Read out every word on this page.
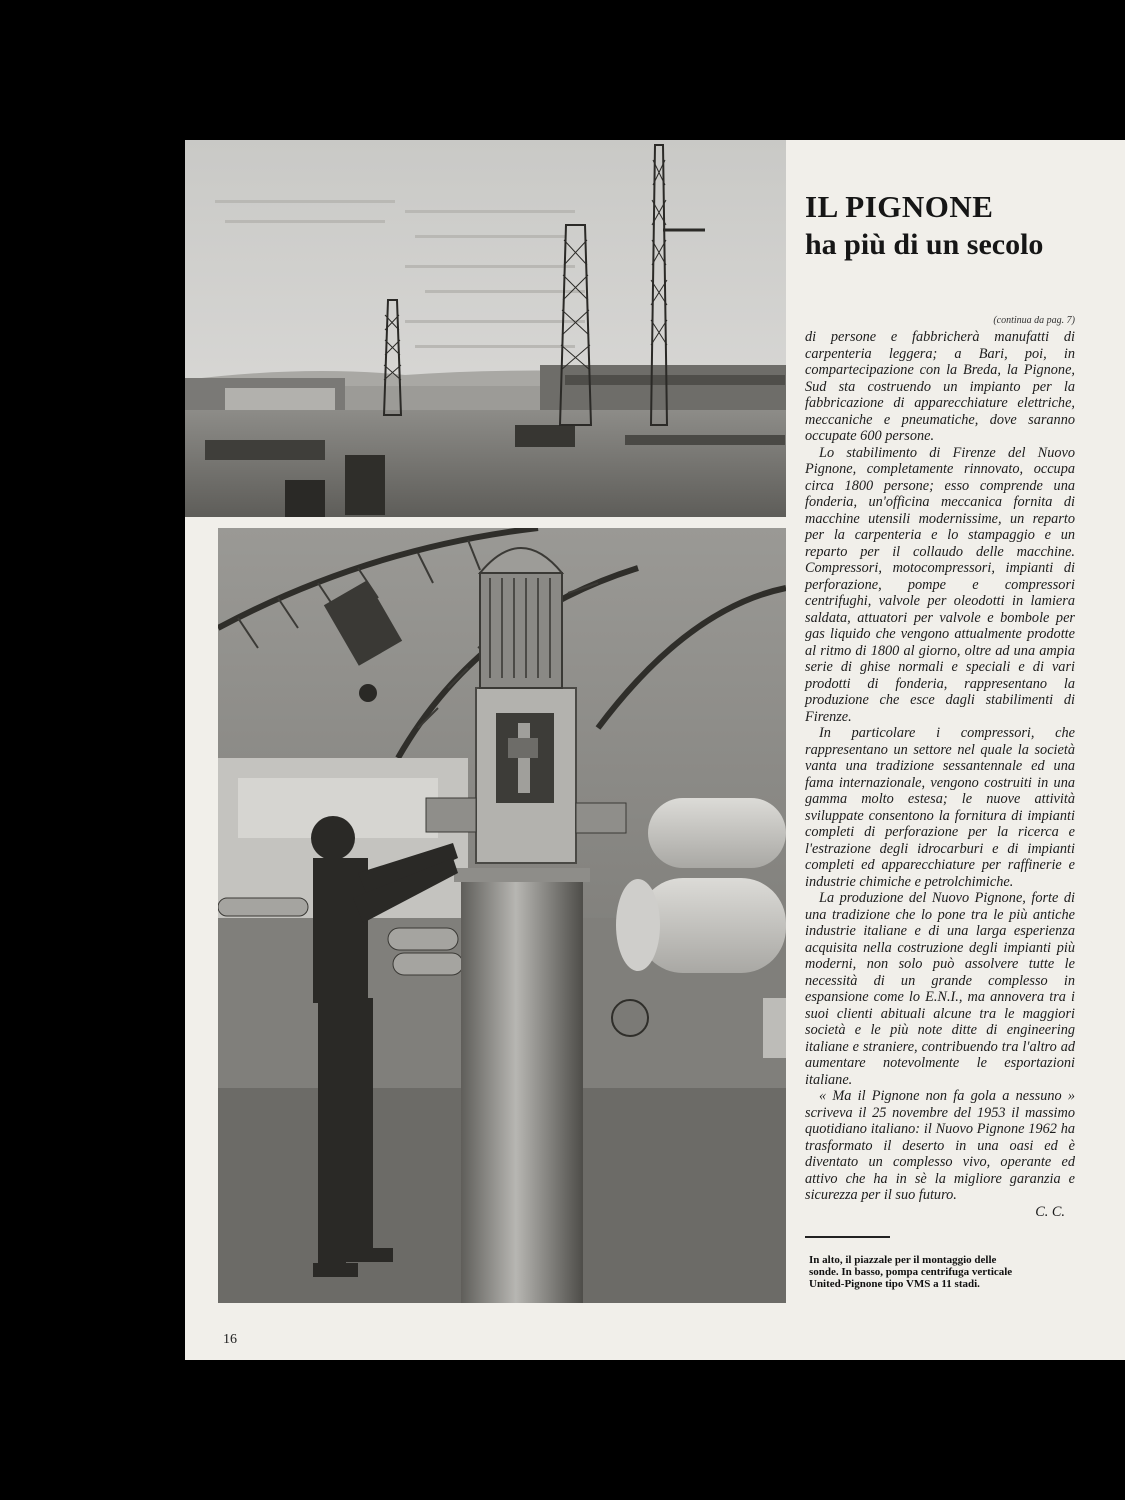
IL PIGNONE
ha più di un secolo
(continua da pag. 7)

di persone e fabbricherà manufatti di carpenteria leggera; a Bari, poi, in compartecipazione con la Breda, la Pignone, Sud sta costruendo un impianto per la fabbricazione di apparecchiature elettriche, meccaniche e pneumatiche, dove saranno occupate 600 persone.

Lo stabilimento di Firenze del Nuovo Pignone, completamente rinnovato, occupa circa 1800 persone; esso comprende una fonderia, un'officina meccanica fornita di macchine utensili modernissime, un reparto per la carpenteria e lo stampaggio e un reparto per il collaudo delle macchine. Compressori, motocompressori, impianti di perforazione, pompe e compressori centrifughi, valvole per oleodotti in lamiera saldata, attuatori per valvole e bombole per gas liquido che vengono attualmente prodotte al ritmo di 1800 al giorno, oltre ad una ampia serie di ghise normali e speciali e di vari prodotti di fonderia, rappresentano la produzione che esce dagli stabilimenti di Firenze.

In particolare i compressori, che rappresentano un settore nel quale la società vanta una tradizione sessantennale ed una fama internazionale, vengono costruiti in una gamma molto estesa; le nuove attività sviluppate consentono la fornitura di impianti completi di perforazione per la ricerca e l'estrazione degli idrocarburi e di impianti completi ed apparecchiature per raffinerie e industrie chimiche e petrolchimiche.

La produzione del Nuovo Pignone, forte di una tradizione che lo pone tra le più antiche industrie italiane e di una larga esperienza acquisita nella costruzione degli impianti più moderni, non solo può assolvere tutte le necessità di un grande complesso in espansione come lo E.N.I., ma annovera tra i suoi clienti abituali alcune tra le maggiori società e le più note ditte di engineering italiane e straniere, contribuendo tra l'altro ad aumentare notevolmente le esportazioni italiane.

« Ma il Pignone non fa gola a nessuno » scriveva il 25 novembre del 1953 il massimo quotidiano italiano: il Nuovo Pignone 1962 ha trasformato il deserto in una oasi ed è diventato un complesso vivo, operante ed attivo che ha in sè la migliore garanzia e sicurezza per il suo futuro.

C. C.

In alto, il piazzale per il montaggio delle sonde. In basso, pompa centrifuga verticale United-Pignone tipo VMS a 11 stadi.
16
